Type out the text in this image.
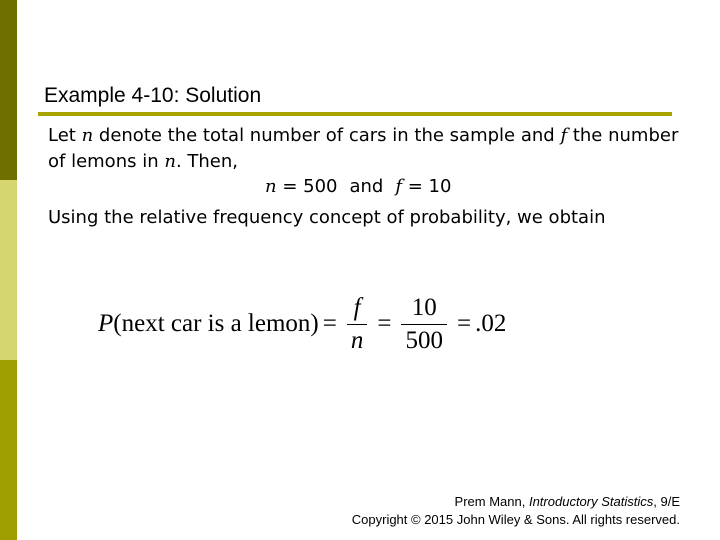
Example 4-10: Solution
Let n denote the total number of cars in the sample and f the number of lemons in n. Then,
n = 500 and f = 10
Using the relative frequency concept of probability, we obtain
P (next car is a lemon) = $\frac{f}{n} = \frac{10}{500} = .02$
Prem Mann, Introductory Statistics, 9/E
Copyright © 2015 John Wiley & Sons. All rights reserved.
